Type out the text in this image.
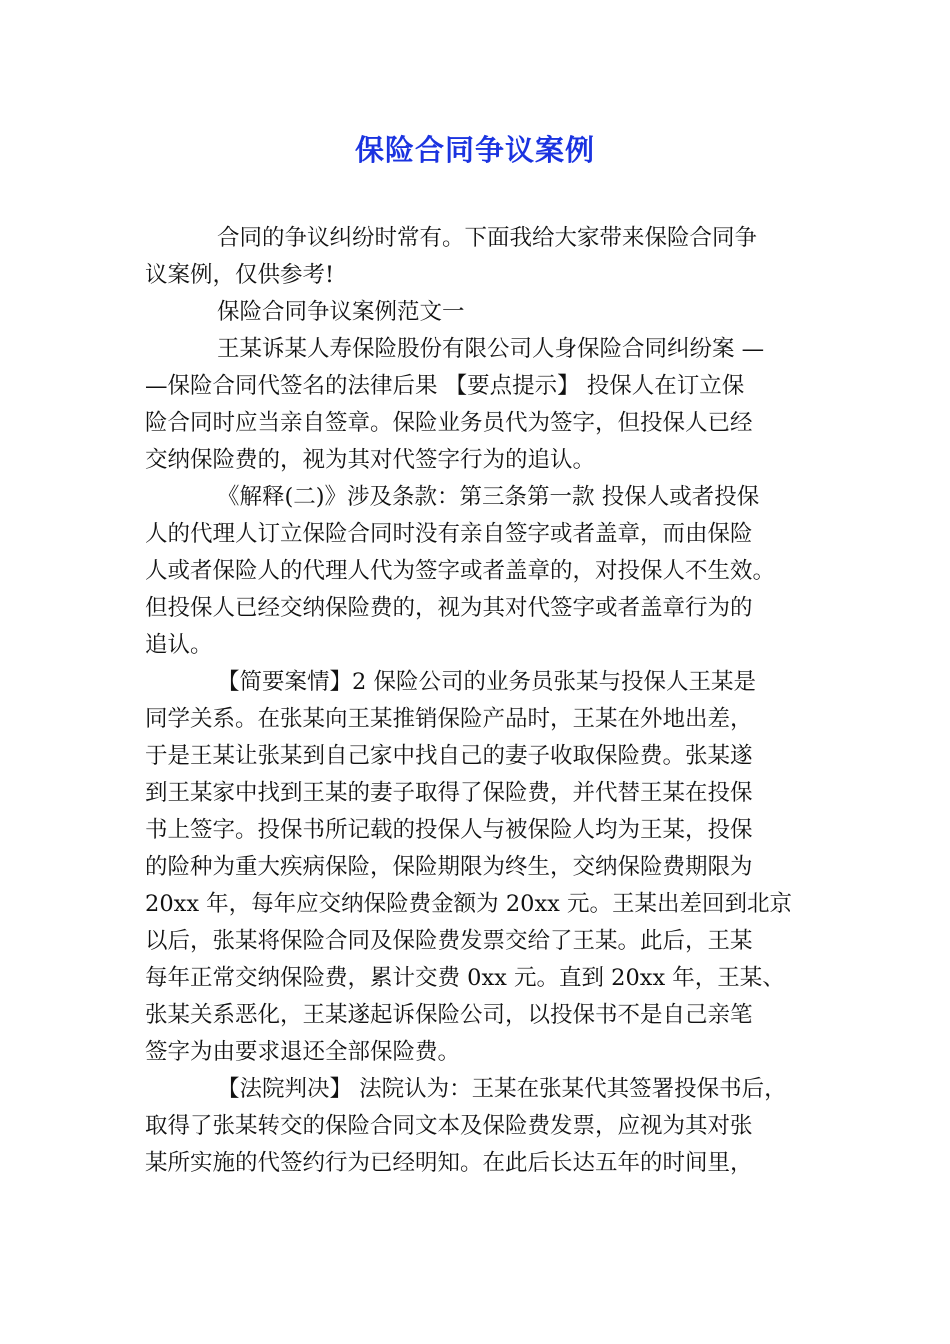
保险合同争议案例
合同的争议纠纷时常有。下面我给大家带来保险合同争
议案例，仅供参考!
保险合同争议案例范文一
王某诉某人寿保险股份有限公司人身保险合同纠纷案 —
—保险合同代签名的法律后果 【要点提示】 投保人在订立保
险合同时应当亲自签章。保险业务员代为签字，但投保人已经
交纳保险费的，视为其对代签字行为的追认。
《解释(二)》涉及条款：第三条第一款 投保人或者投保
人的代理人订立保险合同时没有亲自签字或者盖章，而由保险
人或者保险人的代理人代为签字或者盖章的，对投保人不生效。
但投保人已经交纳保险费的，视为其对代签字或者盖章行为的
追认。
【简要案情】2 保险公司的业务员张某与投保人王某是
同学关系。在张某向王某推销保险产品时，王某在外地出差，
于是王某让张某到自己家中找自己的妻子收取保险费。张某遂
到王某家中找到王某的妻子取得了保险费，并代替王某在投保
书上签字。投保书所记载的投保人与被保险人均为王某，投保
的险种为重大疾病保险，保险期限为终生，交纳保险费期限为
20xx 年，每年应交纳保险费金额为 20xx 元。王某出差回到北京
以后，张某将保险合同及保险费发票交给了王某。此后，王某
每年正常交纳保险费，累计交费 0xx 元。直到 20xx 年，王某、
张某关系恶化，王某遂起诉保险公司，以投保书不是自己亲笔
签字为由要求退还全部保险费。
【法院判决】 法院认为：王某在张某代其签署投保书后，
取得了张某转交的保险合同文本及保险费发票，应视为其对张
某所实施的代签约行为已经明知。在此后长达五年的时间里，
